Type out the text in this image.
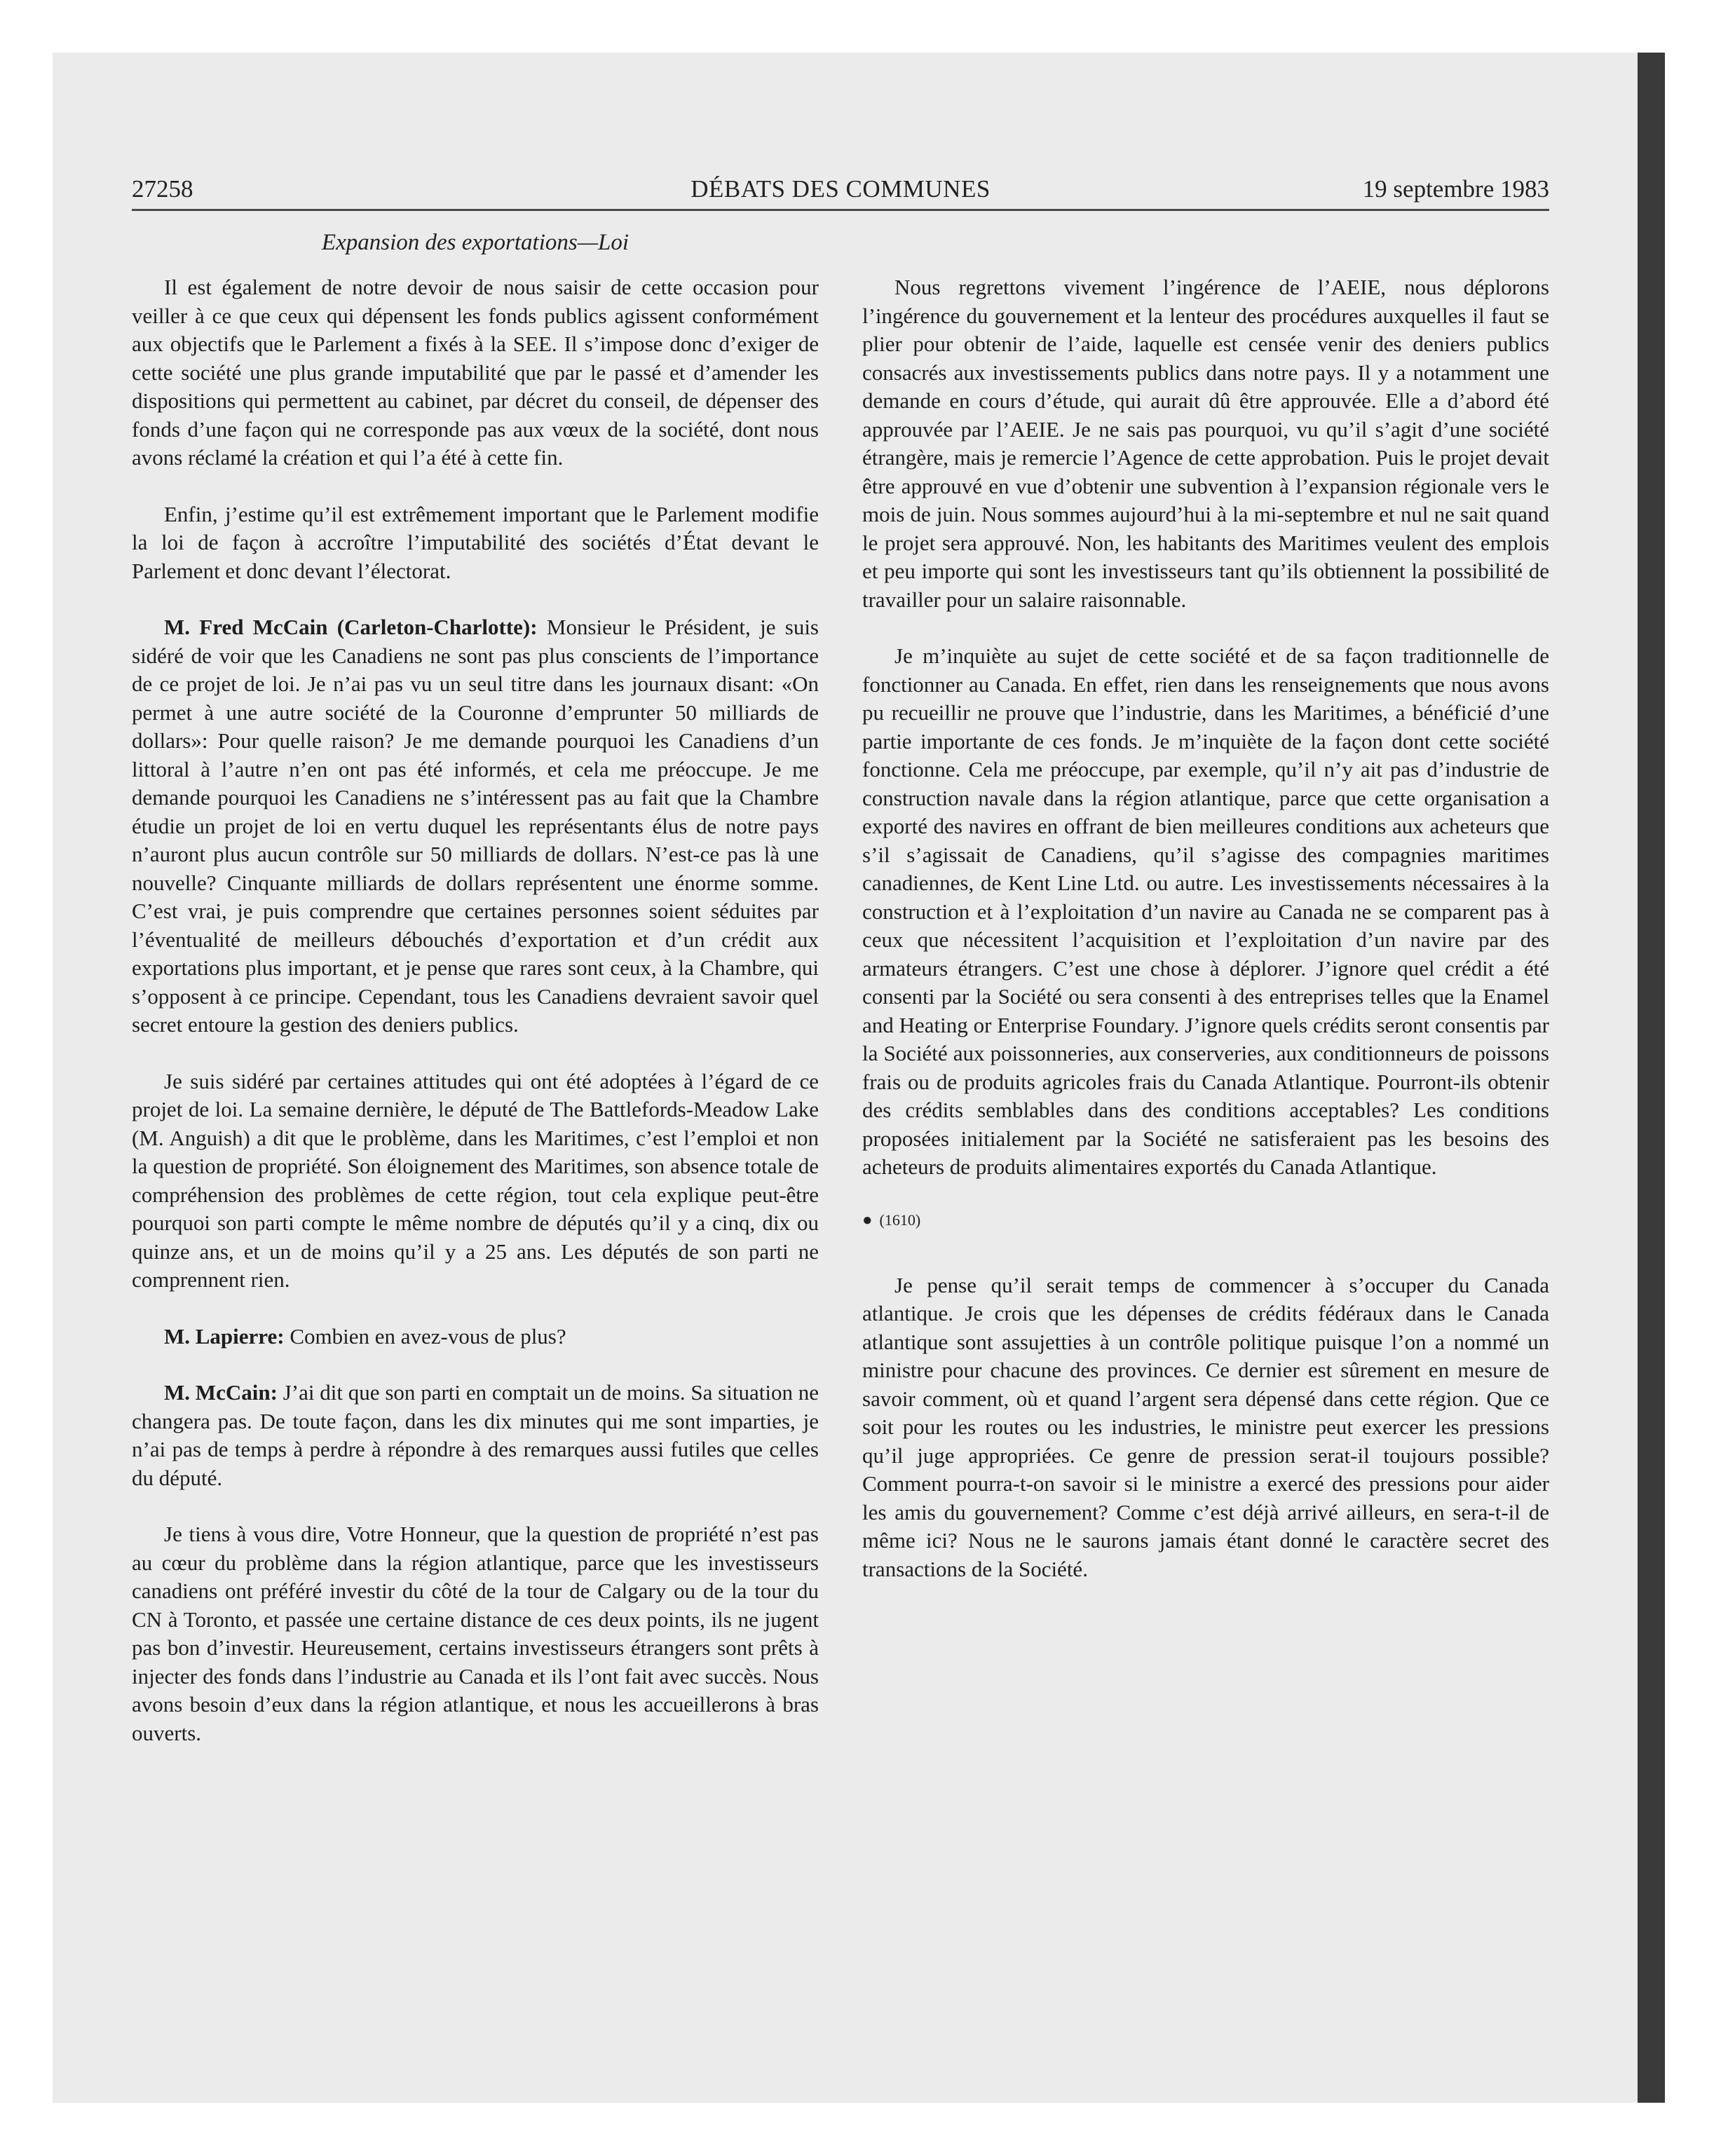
27258	DÉBATS DES COMMUNES	19 septembre 1983
Expansion des exportations—Loi

Il est également de notre devoir de nous saisir de cette occasion pour veiller à ce que ceux qui dépensent les fonds publics agissent conformément aux objectifs que le Parlement a fixés à la SEE. Il s’impose donc d’exiger de cette société une plus grande imputabilité que par le passé et d’amender les dispositions qui permettent au cabinet, par décret du conseil, de dépenser des fonds d’une façon qui ne corresponde pas aux vœux de la société, dont nous avons réclamé la création et qui l’a été à cette fin.

Enfin, j’estime qu’il est extrêmement important que le Parlement modifie la loi de façon à accroître l’imputabilité des sociétés d’État devant le Parlement et donc devant l’électorat.

M. Fred McCain (Carleton-Charlotte): Monsieur le Président, je suis sidéré de voir que les Canadiens ne sont pas plus conscients de l’importance de ce projet de loi. Je n’ai pas vu un seul titre dans les journaux disant: «On permet à une autre société de la Couronne d’emprunter 50 milliards de dollars»: Pour quelle raison? Je me demande pourquoi les Canadiens d’un littoral à l’autre n’en ont pas été informés, et cela me préoccupe. Je me demande pourquoi les Canadiens ne s’intéressent pas au fait que la Chambre étudie un projet de loi en vertu duquel les représentants élus de notre pays n’auront plus aucun contrôle sur 50 milliards de dollars. N’est-ce pas là une nouvelle? Cinquante milliards de dollars représentent une énorme somme. C’est vrai, je puis comprendre que certaines personnes soient séduites par l’éventualité de meilleurs débouchés d’exportation et d’un crédit aux exportations plus important, et je pense que rares sont ceux, à la Chambre, qui s’opposent à ce principe. Cependant, tous les Canadiens devraient savoir quel secret entoure la gestion des deniers publics.

Je suis sidéré par certaines attitudes qui ont été adoptées à l’égard de ce projet de loi. La semaine dernière, le député de The Battlefords-Meadow Lake (M. Anguish) a dit que le problème, dans les Maritimes, c’est l’emploi et non la question de propriété. Son éloignement des Maritimes, son absence totale de compréhension des problèmes de cette région, tout cela explique peut-être pourquoi son parti compte le même nombre de députés qu’il y a cinq, dix ou quinze ans, et un de moins qu’il y a 25 ans. Les députés de son parti ne comprennent rien.

M. Lapierre: Combien en avez-vous de plus?

M. McCain: J’ai dit que son parti en comptait un de moins. Sa situation ne changera pas. De toute façon, dans les dix minutes qui me sont imparties, je n’ai pas de temps à perdre à répondre à des remarques aussi futiles que celles du député.

Je tiens à vous dire, Votre Honneur, que la question de propriété n’est pas au cœur du problème dans la région atlantique, parce que les investisseurs canadiens ont préféré investir du côté de la tour de Calgary ou de la tour du CN à Toronto, et passée une certaine distance de ces deux points, ils ne jugent pas bon d’investir. Heureusement, certains investisseurs étrangers sont prêts à injecter des fonds dans l’industrie au Canada et ils l’ont fait avec succès. Nous avons besoin d’eux dans la région atlantique, et nous les accueillerons à bras ouverts.

Nous regrettons vivement l’ingérence de l’AEIE, nous déplorons l’ingérence du gouvernement et la lenteur des procédures auxquelles il faut se plier pour obtenir de l’aide, laquelle est censée venir des deniers publics consacrés aux investissements publics dans notre pays. Il y a notamment une demande en cours d’étude, qui aurait dû être approuvée. Elle a d’abord été approuvée par l’AEIE. Je ne sais pas pourquoi, vu qu’il s’agit d’une société étrangère, mais je remercie l’Agence de cette approbation. Puis le projet devait être approuvé en vue d’obtenir une subvention à l’expansion régionale vers le mois de juin. Nous sommes aujourd’hui à la mi-septembre et nul ne sait quand le projet sera approuvé. Non, les habitants des Maritimes veulent des emplois et peu importe qui sont les investisseurs tant qu’ils obtiennent la possibilité de travailler pour un salaire raisonnable.

Je m’inquiète au sujet de cette société et de sa façon traditionnelle de fonctionner au Canada. En effet, rien dans les renseignements que nous avons pu recueillir ne prouve que l’industrie, dans les Maritimes, a bénéficié d’une partie importante de ces fonds. Je m’inquiète de la façon dont cette société fonctionne. Cela me préoccupe, par exemple, qu’il n’y ait pas d’industrie de construction navale dans la région atlantique, parce que cette organisation a exporté des navires en offrant de bien meilleures conditions aux acheteurs que s’il s’agissait de Canadiens, qu’il s’agisse des compagnies maritimes canadiennes, de Kent Line Ltd. ou autre. Les investissements nécessaires à la construction et à l’exploitation d’un navire au Canada ne se comparent pas à ceux que nécessitent l’acquisition et l’exploitation d’un navire par des armateurs étrangers. C’est une chose à déplorer. J’ignore quel crédit a été consenti par la Société ou sera consenti à des entreprises telles que la Enamel and Heating or Enterprise Foundary. J’ignore quels crédits seront consentis par la Société aux poissonneries, aux conserveries, aux conditionneurs de poissons frais ou de produits agricoles frais du Canada Atlantique. Pourront-ils obtenir des crédits semblables dans des conditions acceptables? Les conditions proposées initialement par la Société ne satisferaient pas les besoins des acheteurs de produits alimentaires exportés du Canada Atlantique.

● (1610)

Je pense qu’il serait temps de commencer à s’occuper du Canada atlantique. Je crois que les dépenses de crédits fédéraux dans le Canada atlantique sont assujetties à un contrôle politique puisque l’on a nommé un ministre pour chacune des provinces. Ce dernier est sûrement en mesure de savoir comment, où et quand l’argent sera dépensé dans cette région. Que ce soit pour les routes ou les industries, le ministre peut exercer les pressions qu’il juge appropriées. Ce genre de pression serat-il toujours possible? Comment pourra-t-on savoir si le ministre a exercé des pressions pour aider les amis du gouvernement? Comme c’est déjà arrivé ailleurs, en sera-t-il de même ici? Nous ne le saurons jamais étant donné le caractère secret des transactions de la Société.
